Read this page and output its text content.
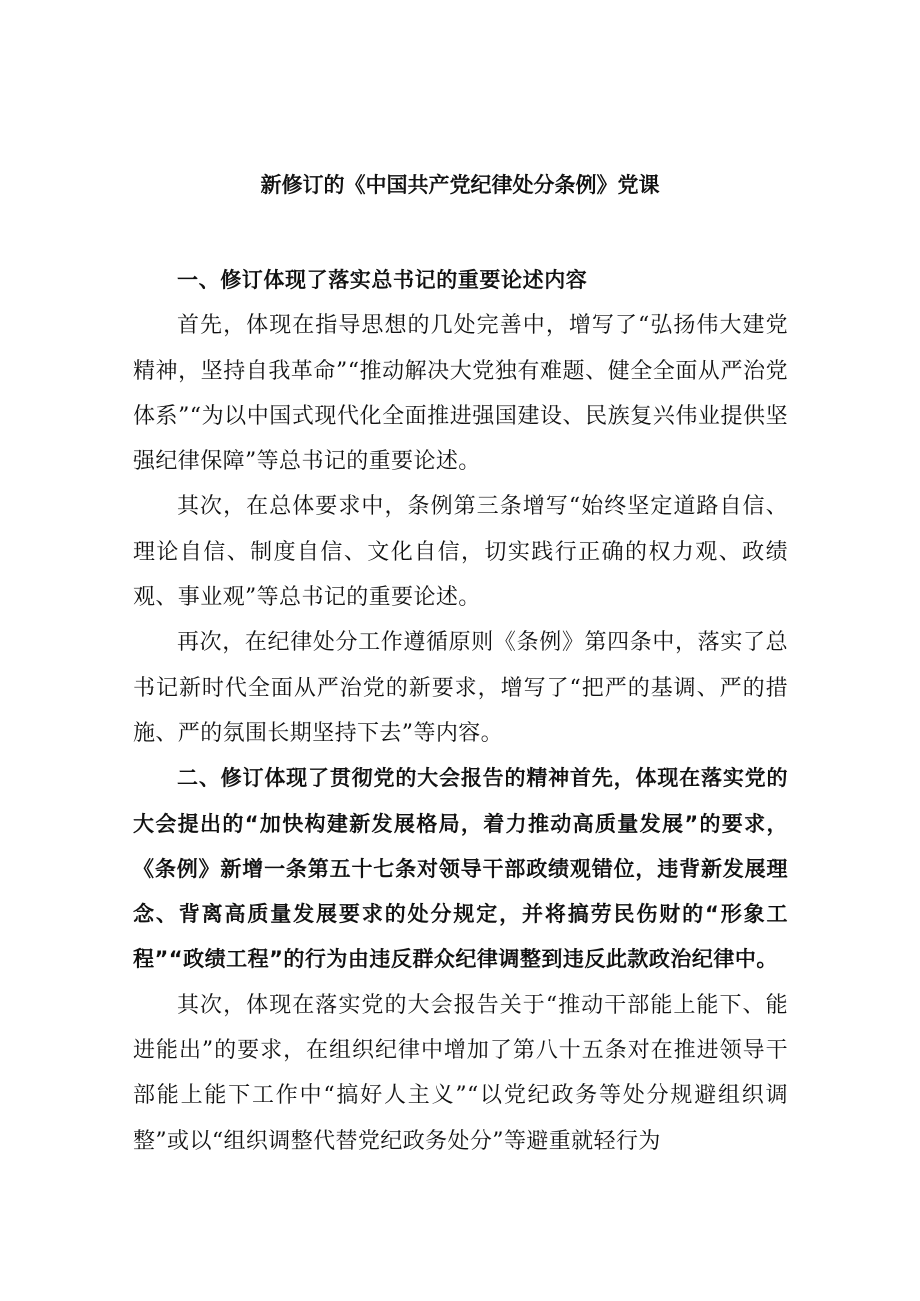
新修订的《中国共产党纪律处分条例》党课

一、修订体现了落实总书记的重要论述内容

首先，体现在指导思想的几处完善中，增写了“弘扬伟大建党精神，坚持自我革命”“推动解决大党独有难题、健全全面从严治党体系”“为以中国式现代化全面推进强国建设、民族复兴伟业提供坚强纪律保障”等总书记的重要论述。

其次，在总体要求中，条例第三条增写“始终坚定道路自信、理论自信、制度自信、文化自信，切实践行正确的权力观、政绩观、事业观”等总书记的重要论述。

再次，在纪律处分工作遵循原则《条例》第四条中，落实了总书记新时代全面从严治党的新要求，增写了“把严的基调、严的措施、严的氛围长期坚持下去”等内容。

二、修订体现了贯彻党的大会报告的精神首先，体现在落实党的大会提出的“加快构建新发展格局，着力推动高质量发展”的要求，《条例》新增一条第五十七条对领导干部政绩观错位，违背新发展理念、背离高质量发展要求的处分规定，并将搞劳民伤财的“形象工程”“政绩工程”的行为由违反群众纪律调整到违反此款政治纪律中。

其次，体现在落实党的大会报告关于“推动干部能上能下、能进能出”的要求，在组织纪律中增加了第八十五条对在推进领导干部能上能下工作中“搞好人主义”“以党纪政务等处分规避组织调整”或以“组织调整代替党纪政务处分”等避重就轻行为
